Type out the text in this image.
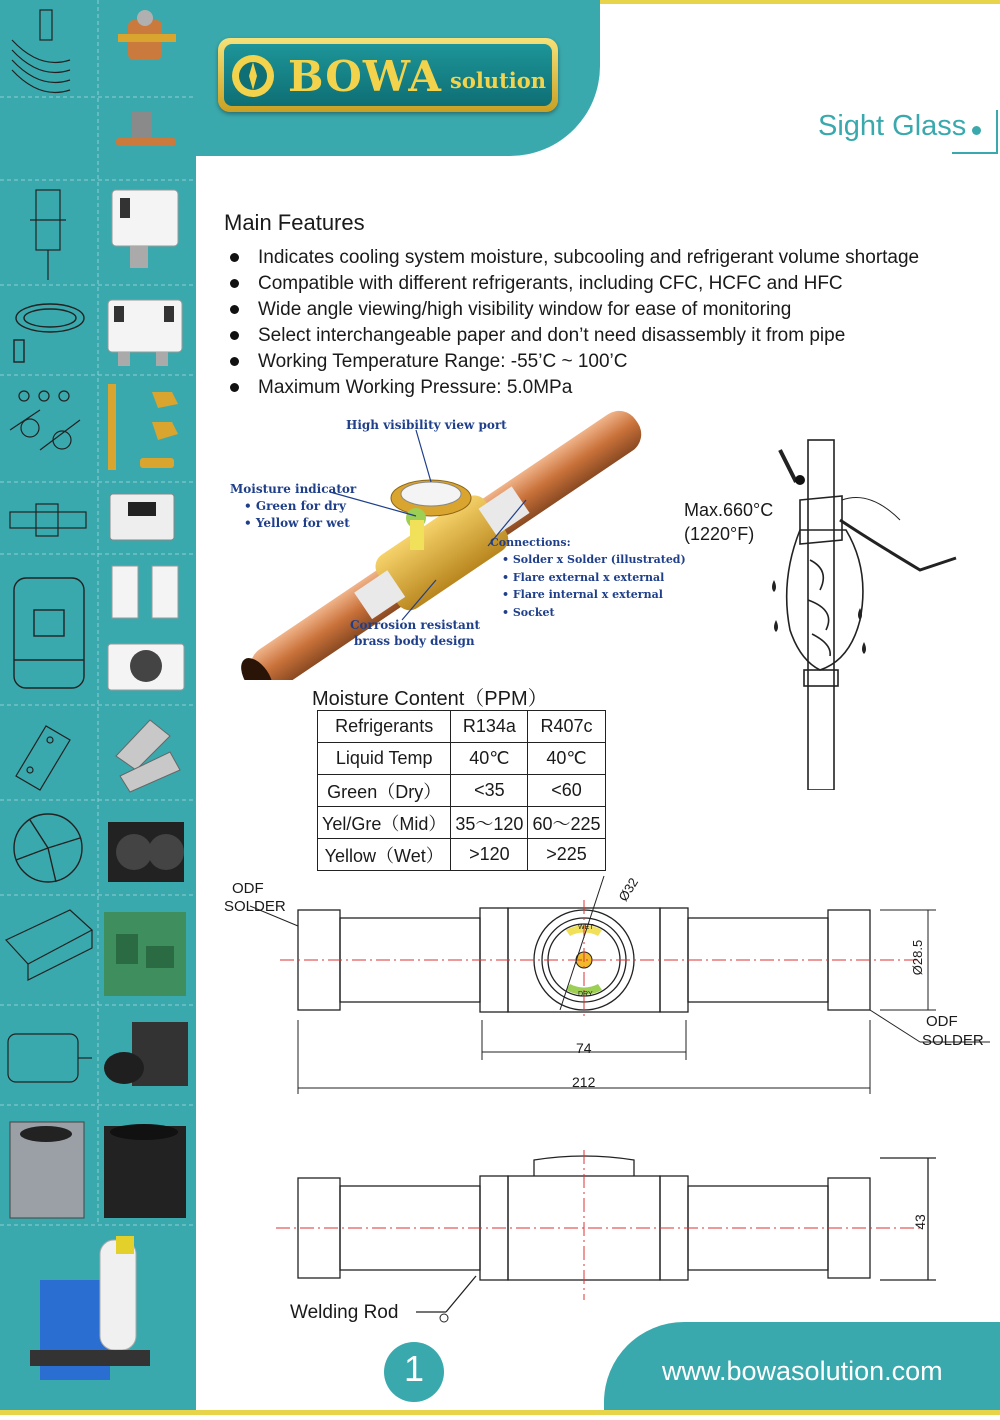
BOWA solution
Sight Glass
Main Features
Indicates cooling system moisture, subcooling and refrigerant volume shortage
Compatible with different refrigerants, including CFC, HCFC and HFC
Wide angle viewing/high visibility window for ease of monitoring
Select interchangeable paper and don’t need disassembly it from pipe
Working Temperature Range: -55’C ~ 100’C
Maximum Working Pressure: 5.0MPa
High visibility view port
Moisture indicator
• Green for dry
• Yellow for wet
Connections:
• Solder x Solder (illustrated)
• Flare external x external
• Flare internal x external
• Socket
Corrosion resistant
brass body design
Max.660°C
(1220°F)
Moisture Content（PPM）
Refrigerants	R134a	R407c
Liquid Temp	40℃	40℃
Green（Dry）	<35	<60
Yel/Gre（Mid）	35～120	60～225
Yellow（Wet）	>120	>225
ODF
SOLDER
ODF
SOLDER
Ø32
Ø28.5
74
212
WET
DRY
43
Welding Rod
1	www.bowasolution.com
